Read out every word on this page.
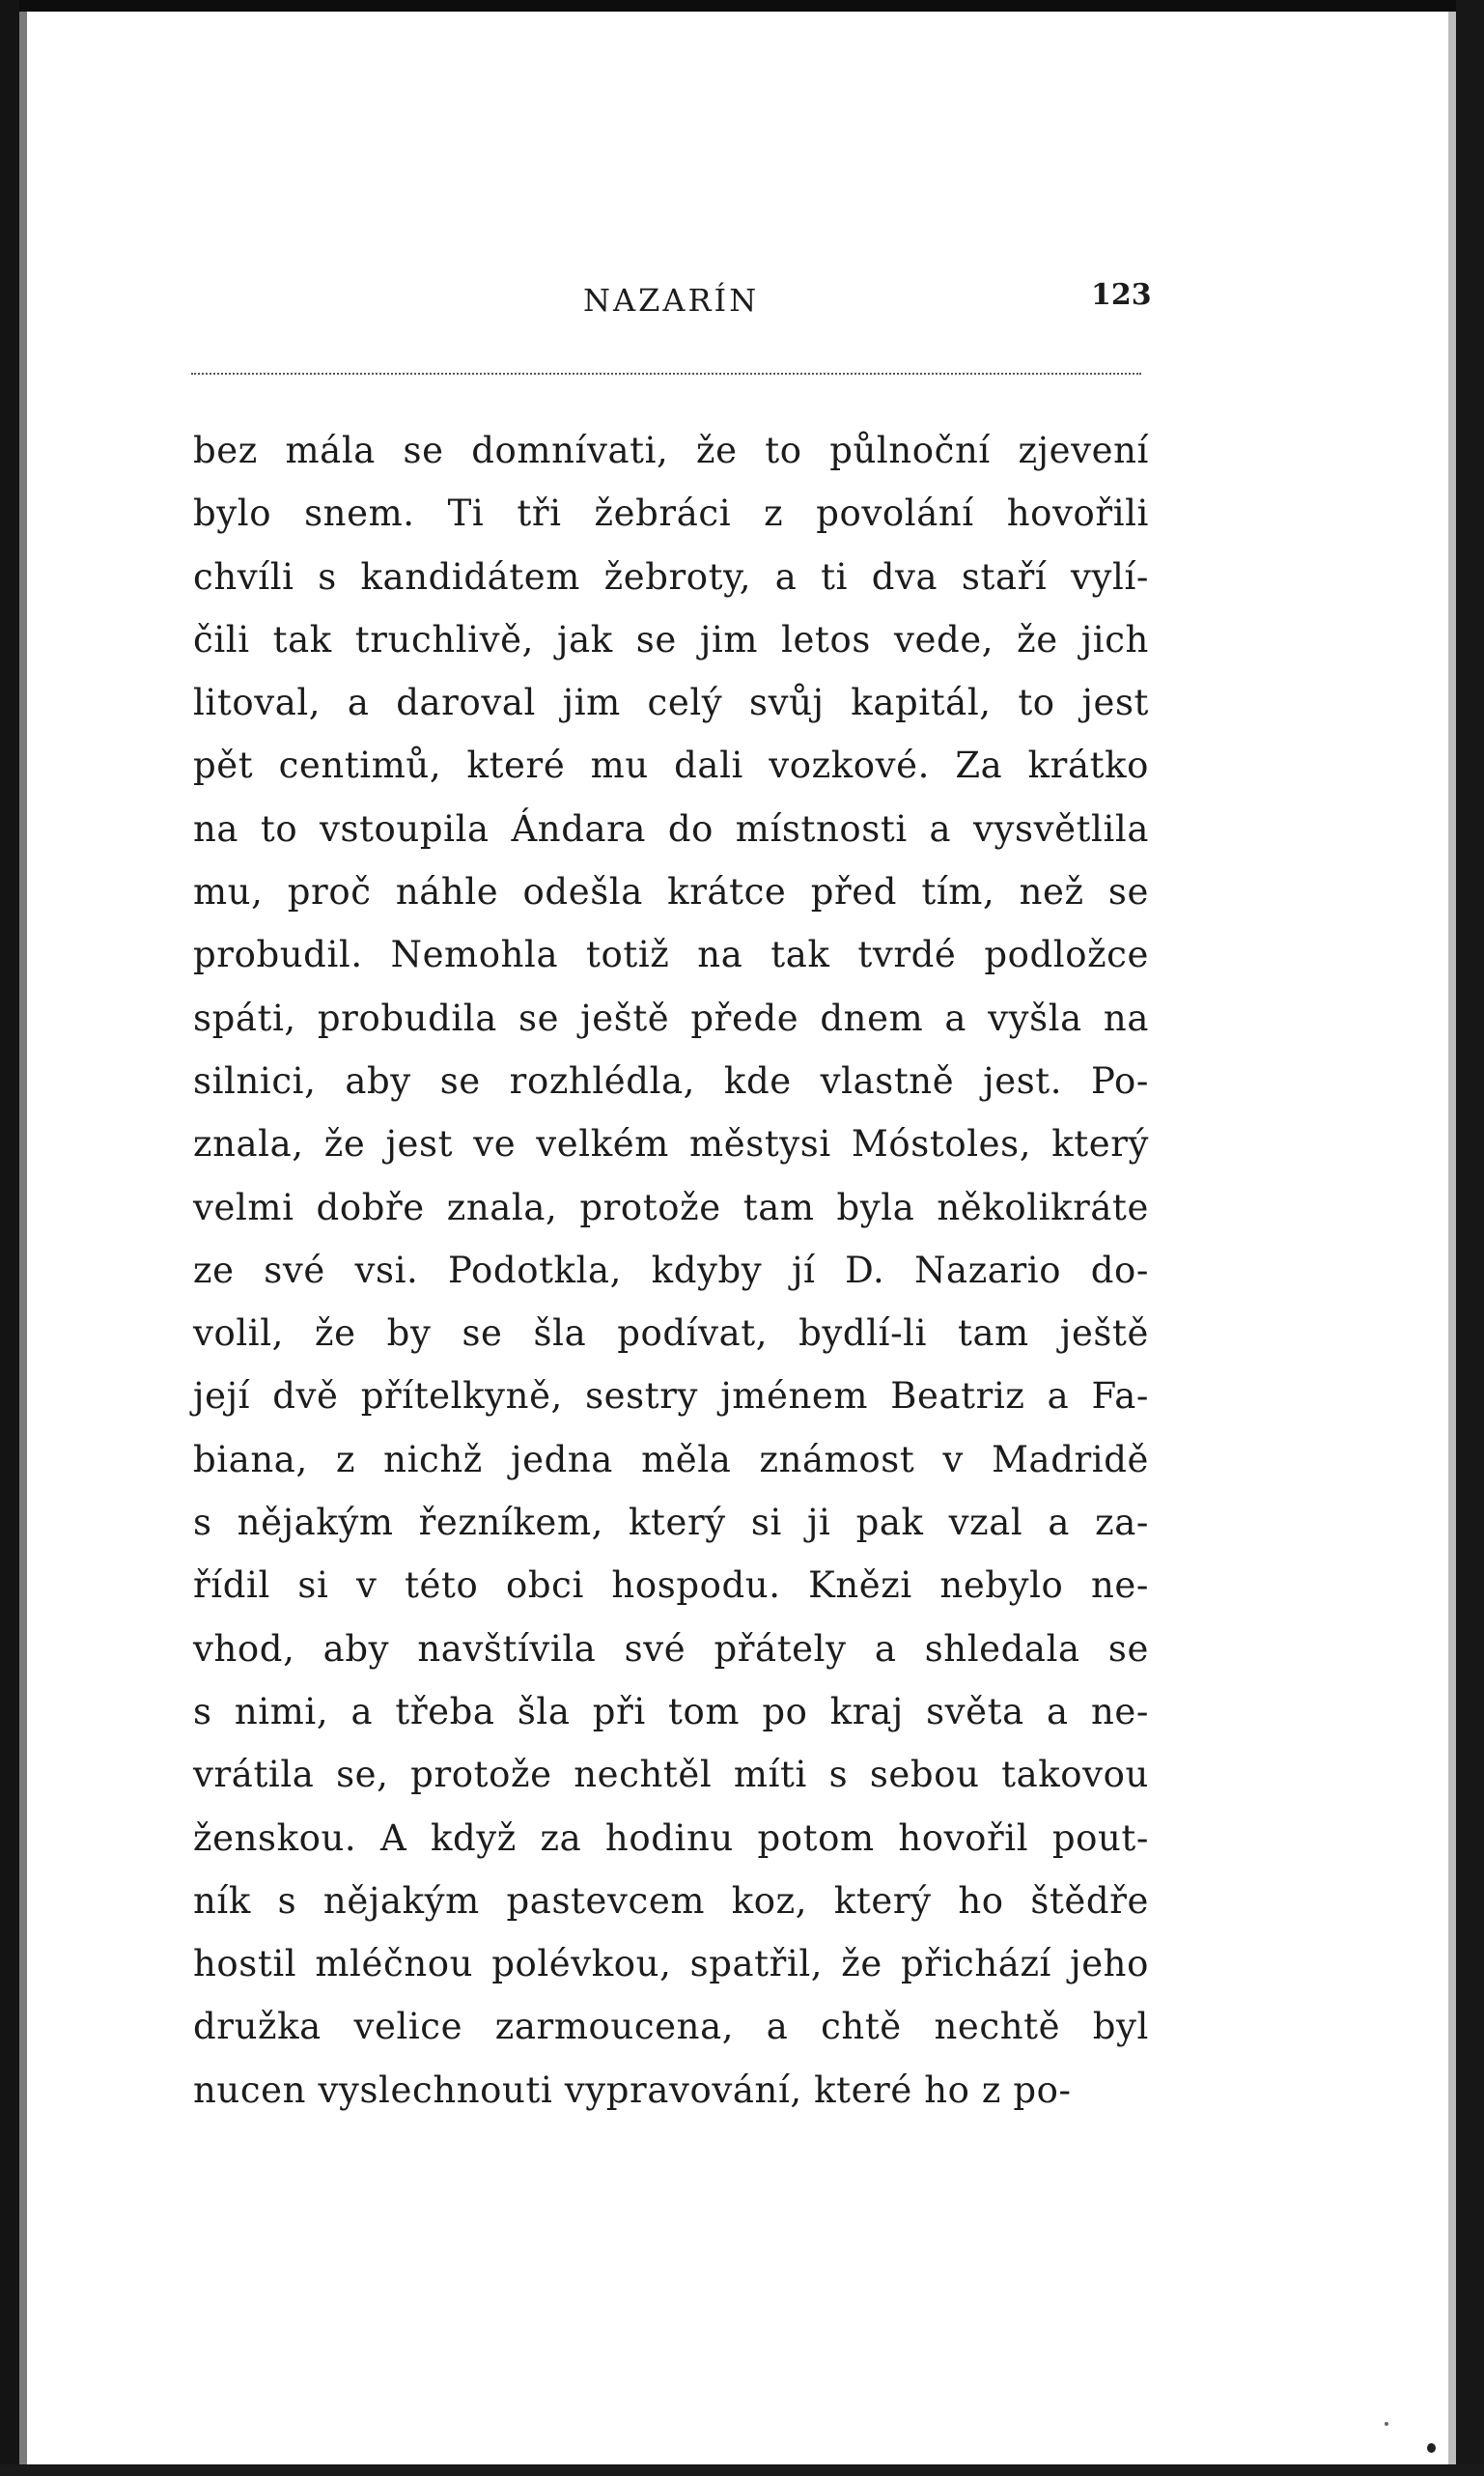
NAZARÍN	123
bez mála se domnívati, že to půlnoční zjevení
bylo snem. Ti tři žebráci z povolání hovořili
chvíli s kandidátem žebroty, a ti dva staří vylí-
čili tak truchlivě, jak se jim letos vede, že jich
litoval, a daroval jim celý svůj kapitál, to jest
pět centimů, které mu dali vozkové. Za krátko
na to vstoupila Ándara do místnosti a vysvětlila
mu, proč náhle odešla krátce před tím, než se
probudil. Nemohla totiž na tak tvrdé podložce
spáti, probudila se ještě přede dnem a vyšla na
silnici, aby se rozhlédla, kde vlastně jest. Po-
znala, že jest ve velkém městysi Móstoles, který
velmi dobře znala, protože tam byla několikráte
ze své vsi. Podotkla, kdyby jí D. Nazario do-
volil, že by se šla podívat, bydlí-li tam ještě
její dvě přítelkyně, sestry jménem Beatriz a Fa-
biana, z nichž jedna měla známost v Madridě
s nějakým řezníkem, který si ji pak vzal a za-
řídil si v této obci hospodu. Knězi nebylo ne-
vhod, aby navštívila své přátely a shledala se
s nimi, a třeba šla při tom po kraj světa a ne-
vrátila se, protože nechtěl míti s sebou takovou
ženskou. A když za hodinu potom hovořil pout-
ník s nějakým pastevcem koz, který ho štědře
hostil mléčnou polévkou, spatřil, že přichází jeho
družka velice zarmoucena, a chtě nechtě byl
nucen vyslechnouti vypravování, které ho z po-
